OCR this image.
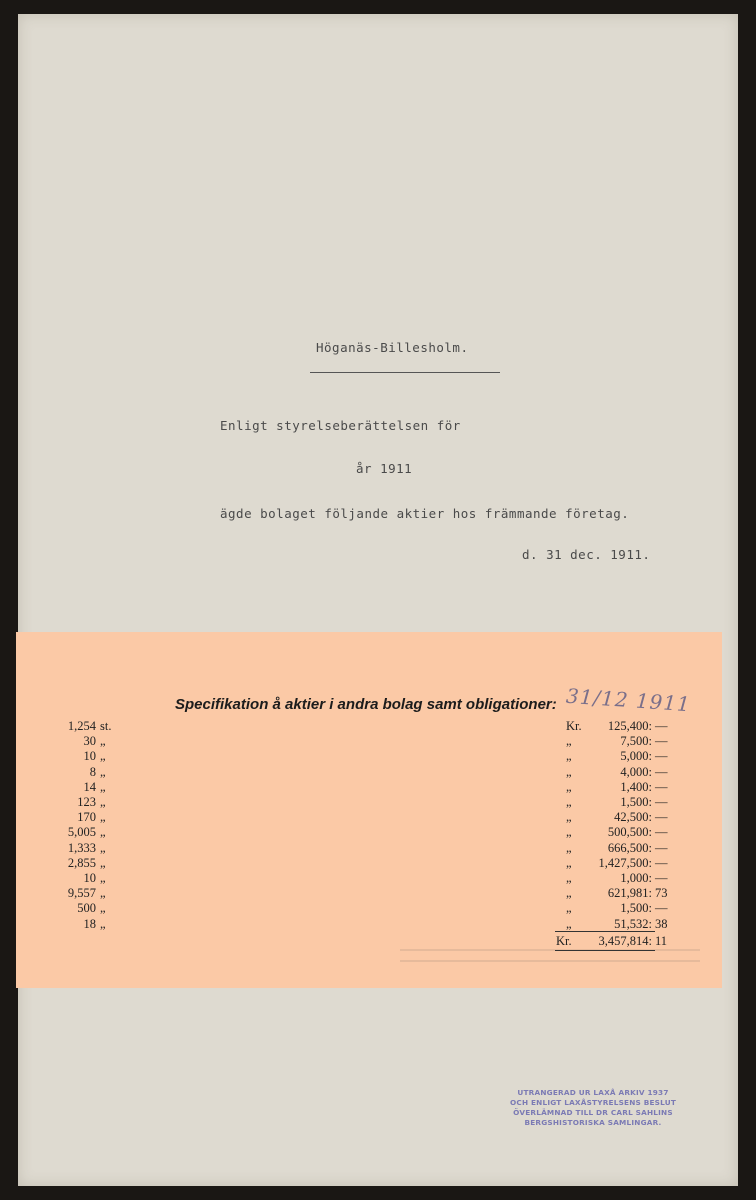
Höganäs-Billesholm.
Enligt styrelseberättelsen för
år 1911
ägde bolaget följande aktier hos främmande företag.
d. 31 dec. 1911.
Specifikation å aktier i andra bolag samt obligationer: 31/12 1911
1,254 st.	Kr. 125,400: —
30 „	„	7,500: —
10 „	„	5,000: —
8 „	„	4,000: —
14 „	„	1,400: —
123 „	„	1,500: —
170 „	„	42,500: —
5,005 „	„	500,500: —
1,333 „	„	666,500: —
2,855 „	„ 1,427,500: —
10 „	„	1,000: —
9,557 „	„	621,981: 73
500 „	„	1,500: —
18 „	„	51,532: 38
Kr. 3,457,814: 11
UTRANGERAD UR LAXÅ ARKIV 1937
OCH ENLIGT LAXÅSTYRELSENS BESLUT
ÖVERLÄMNAD TILL DR CARL SAHLINS
BERGSHISTORISKA SAMLINGAR.
